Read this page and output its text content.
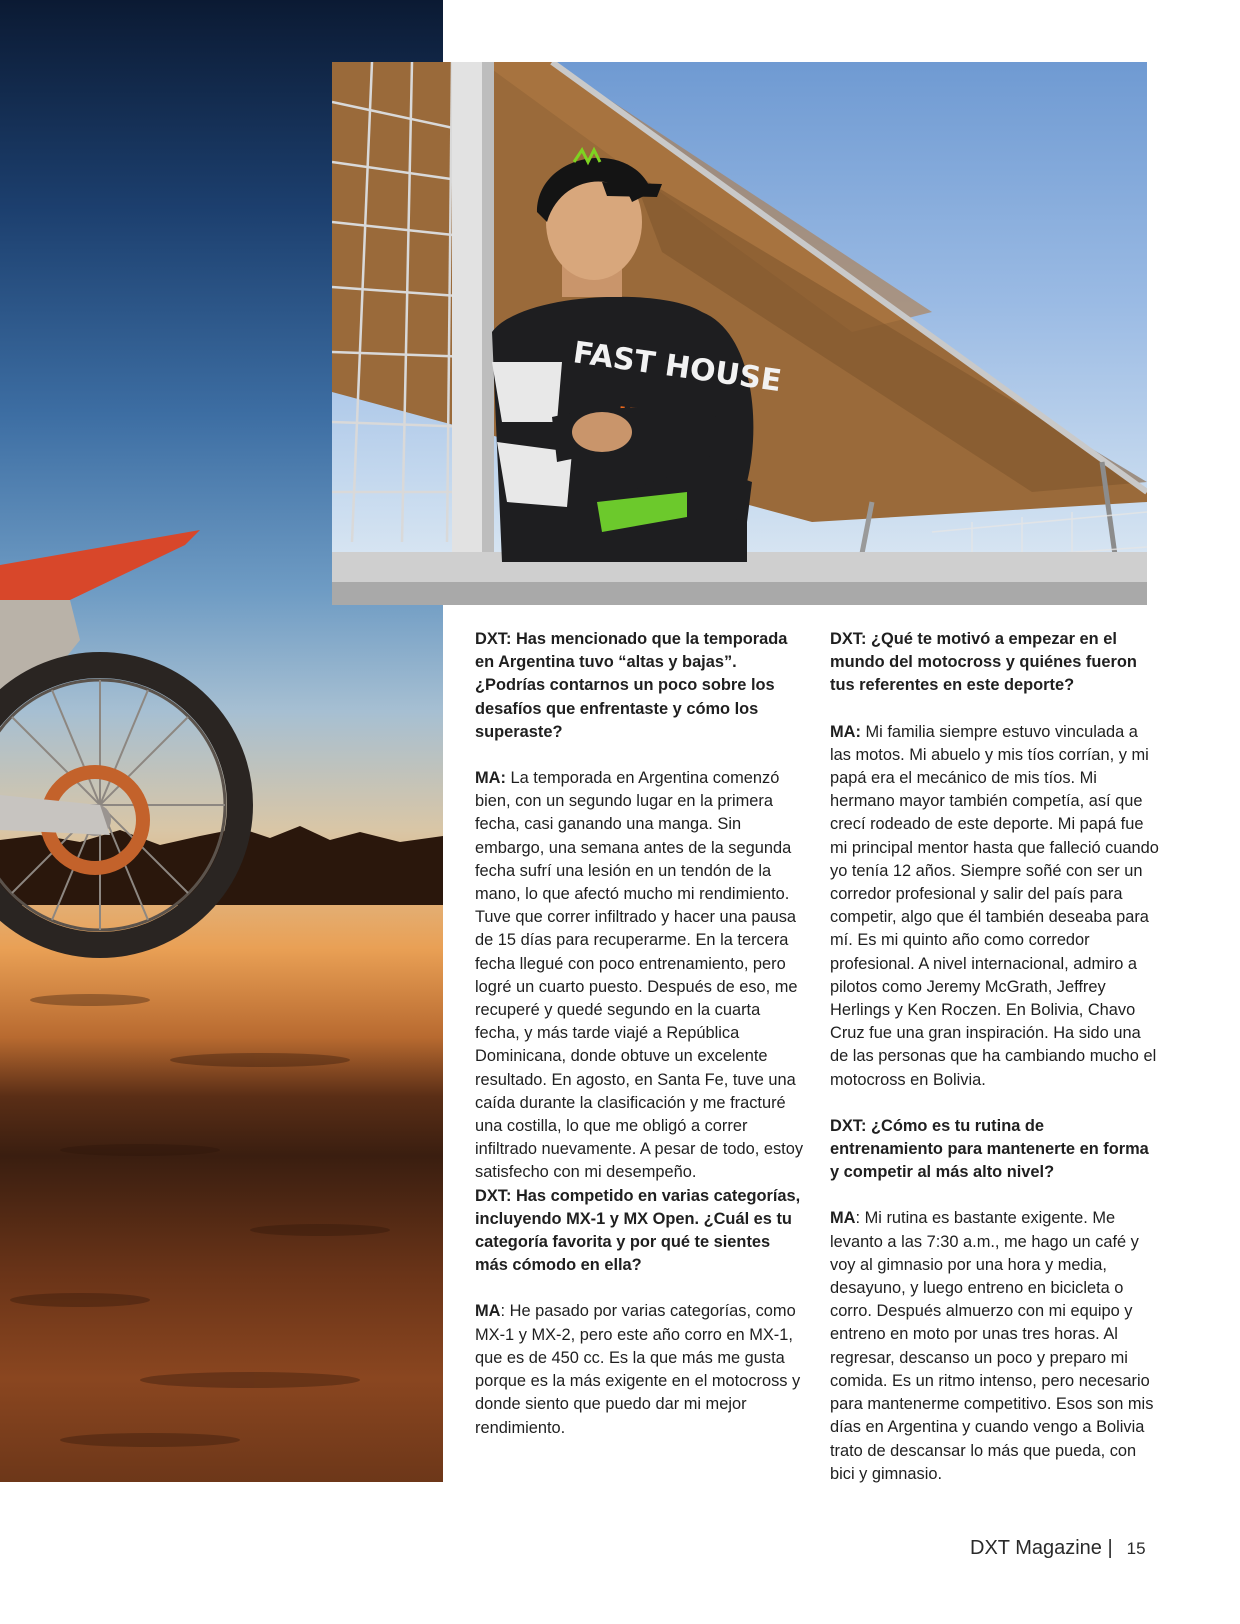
FAST HOUSE

DXT: Has mencionado que la temporada en Argentina tuvo “altas y bajas”. ¿Podrías contarnos un poco sobre los desafíos que enfrentaste y cómo los superaste?

MA: La temporada en Argentina comenzó bien, con un segundo lugar en la primera fecha, casi ganando una manga. Sin embargo, una semana antes de la segunda fecha sufrí una lesión en un tendón de la mano, lo que afectó mucho mi rendimiento. Tuve que correr infiltrado y hacer una pausa de 15 días para recuperarme. En la tercera fecha llegué con poco entrenamiento, pero logré un cuarto puesto. Después de eso, me recuperé y quedé segundo en la cuarta fecha, y más tarde viajé a República Dominicana, donde obtuve un excelente resultado. En agosto, en Santa Fe, tuve una caída durante la clasificación y me fracturé una costilla, lo que me obligó a correr infiltrado nuevamente. A pesar de todo, estoy satisfecho con mi desempeño.

DXT: Has competido en varias categorías, incluyendo MX-1 y MX Open. ¿Cuál es tu categoría favorita y por qué te sientes más cómodo en ella?

MA: He pasado por varias categorías, como MX-1 y MX-2, pero este año corro en MX-1, que es de 450 cc. Es la que más me gusta porque es la más exigente en el motocross y donde siento que puedo dar mi mejor rendimiento.

DXT: ¿Qué te motivó a empezar en el mundo del motocross y quiénes fueron tus referentes en este deporte?

MA: Mi familia siempre estuvo vinculada a las motos. Mi abuelo y mis tíos corrían, y mi papá era el mecánico de mis tíos. Mi hermano mayor también competía, así que crecí rodeado de este deporte. Mi papá fue mi principal mentor hasta que falleció cuando yo tenía 12 años. Siempre soñé con ser un corredor profesional y salir del país para competir, algo que él también deseaba para mí. Es mi quinto año como corredor profesional. A nivel internacional, admiro a pilotos como Jeremy McGrath, Jeffrey Herlings y Ken Roczen. En Bolivia, Chavo Cruz fue una gran inspiración. Ha sido una de las personas que ha cambiando mucho el motocross en Bolivia.

DXT: ¿Cómo es tu rutina de entrenamiento para mantenerte en forma y competir al más alto nivel?

MA: Mi rutina es bastante exigente. Me levanto a las 7:30 a.m., me hago un café y voy al gimnasio por una hora y media, desayuno, y luego entreno en bicicleta o corro. Después almuerzo con mi equipo y entreno en moto por unas tres horas. Al regresar, descanso un poco y preparo mi comida. Es un ritmo intenso, pero necesario para mantenerme competitivo. Esos son mis días en Argentina y cuando vengo a Bolivia trato de descansar lo más que pueda, con bici y gimnasio.

DXT Magazine | 15
